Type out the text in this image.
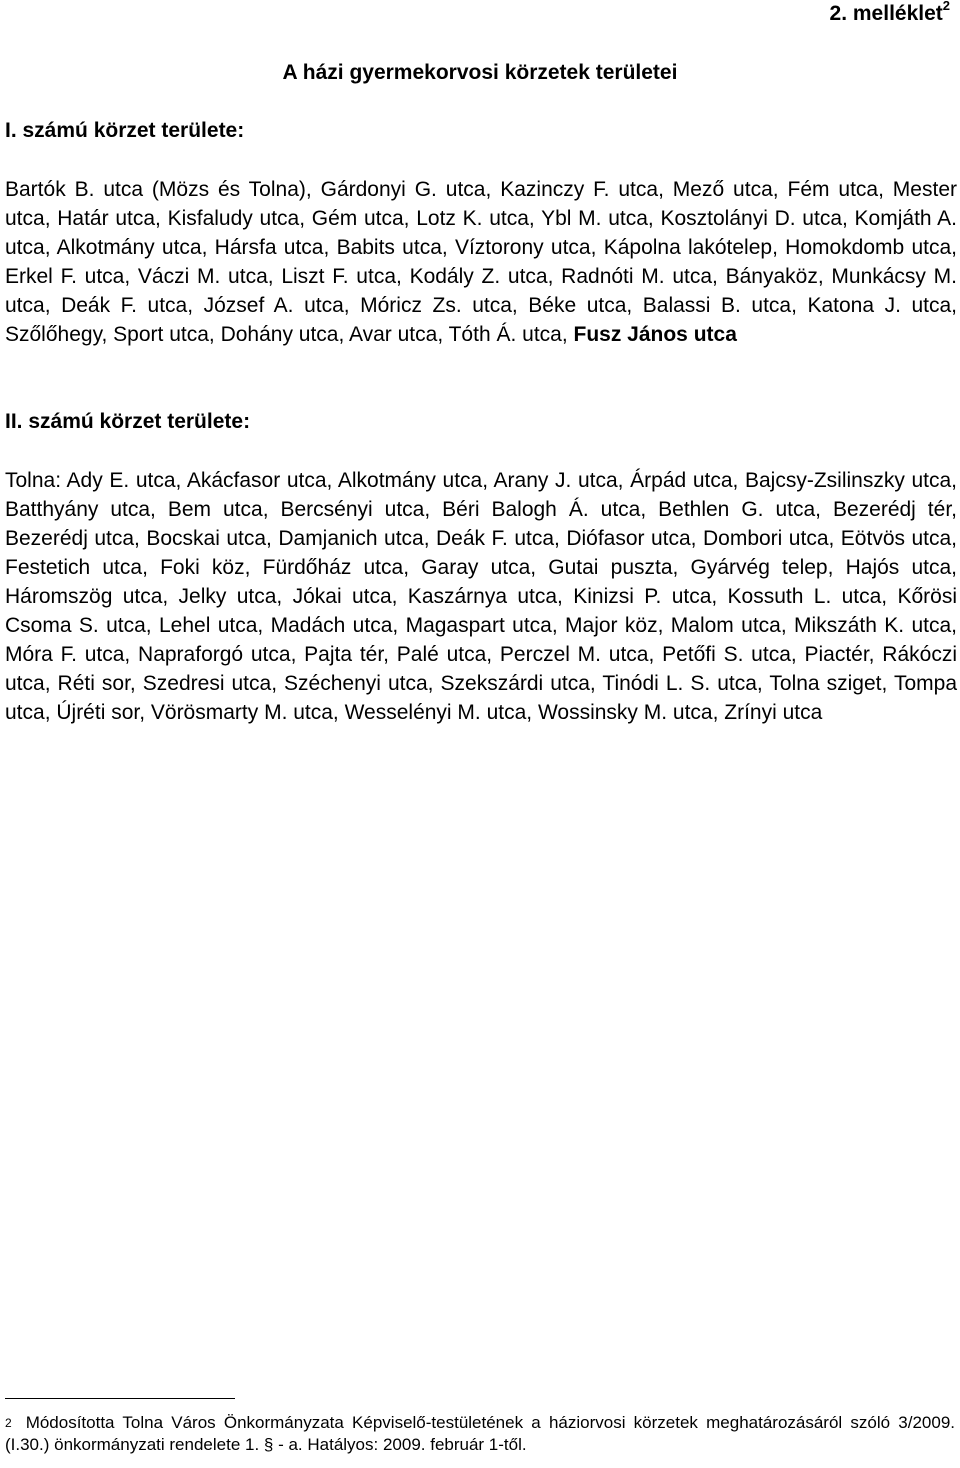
2. melléklet$^2$
A házi gyermekorvosi körzetek területei
I. számú körzet területe:

Bartók B. utca (Mözs és Tolna), Gárdonyi G. utca, Kazinczy F. utca, Mező utca, Fém utca, Mester utca, Határ utca, Kisfaludy utca, Gém utca, Lotz K. utca, Ybl M. utca, Kosztolányi D. utca, Komjáth A. utca, Alkotmány utca, Hársfa utca, Babits utca, Víztorony utca, Kápolna lakótelep, Homokdomb utca, Erkel F. utca, Váczi M. utca, Liszt F. utca, Kodály Z. utca, Radnóti M. utca, Bányaköz, Munkácsy M. utca, Deák F. utca, József A. utca, Móricz Zs. utca, Béke utca, Balassi B. utca, Katona J. utca, Szőlőhegy, Sport utca, Dohány utca, Avar utca, Tóth Á. utca, Fusz János utca

II. számú körzet területe:

Tolna: Ady E. utca, Akácfasor utca, Alkotmány utca, Arany J. utca, Árpád utca, Bajcsy-Zsilinszky utca, Batthyány utca, Bem utca, Bercsényi utca, Béri Balogh Á. utca, Bethlen G. utca, Bezerédj tér, Bezerédj utca, Bocskai utca, Damjanich utca, Deák F. utca, Diófasor utca, Dombori utca, Eötvös utca, Festetich utca, Foki köz, Fürdőház utca, Garay utca, Gutai puszta, Gyárvég telep, Hajós utca, Háromszög utca, Jelky utca, Jókai utca, Kaszárnya utca, Kinizsi P. utca, Kossuth L. utca, Kőrösi Csoma S. utca, Lehel utca, Madách utca, Magaspart utca, Major köz, Malom utca, Mikszáth K. utca, Móra F. utca, Napraforgó utca, Pajta tér, Palé utca, Perczel M. utca, Petőfi S. utca, Piactér, Rákóczi utca, Réti sor, Szedresi utca, Széchenyi utca, Szekszárdi utca, Tinódi L. S. utca, Tolna sziget, Tompa utca, Újréti sor, Vörösmarty M. utca, Wesselényi M. utca, Wossinsky M. utca, Zrínyi utca

$^2$ Módosította Tolna Város Önkormányzata Képviselő-testületének a háziorvosi körzetek meghatározásáról szóló 3/2009. (I.30.) önkormányzati rendelete 1. § - a. Hatályos: 2009. február 1-től.
